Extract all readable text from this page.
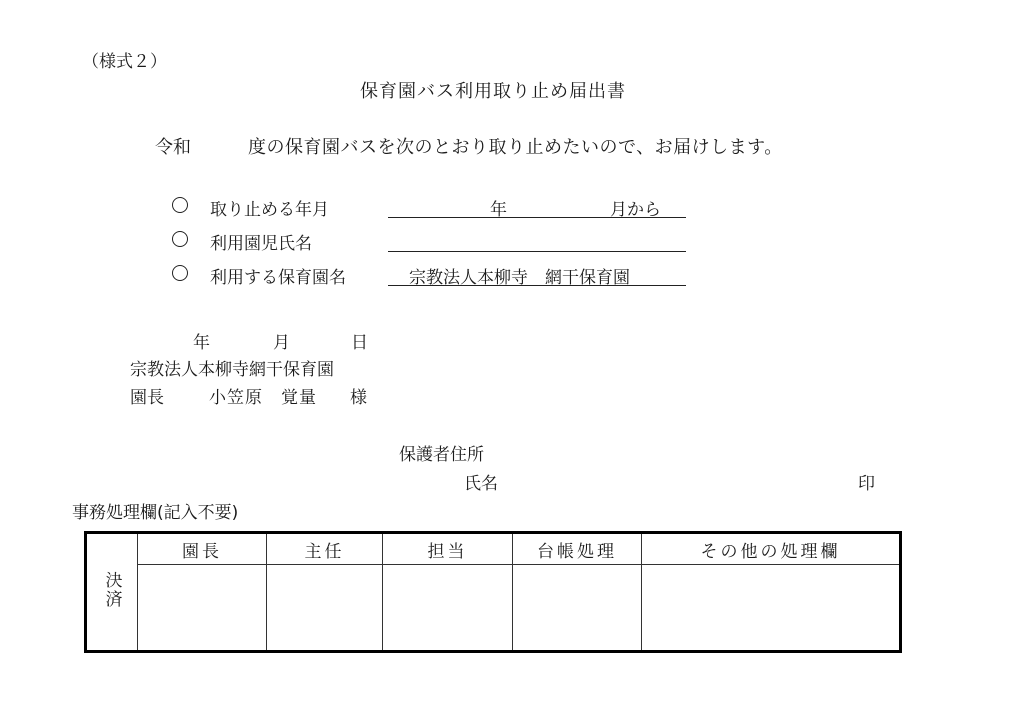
（様式２）
保育園バス利用取り止め届出書
令和	度の保育園バスを次のとおり取り止めたいので、お届けします。
取り止める年月	年	月から
利用園児氏名
利用する保育園名	宗教法人本柳寺　網干保育園
年	月	日
宗教法人本柳寺網干保育園
園長	小笠原　覚量 様
保護者住所
氏名	印
事務処理欄(記入不要)
決済	園長	主任	担当	台帳処理	その他の処理欄
